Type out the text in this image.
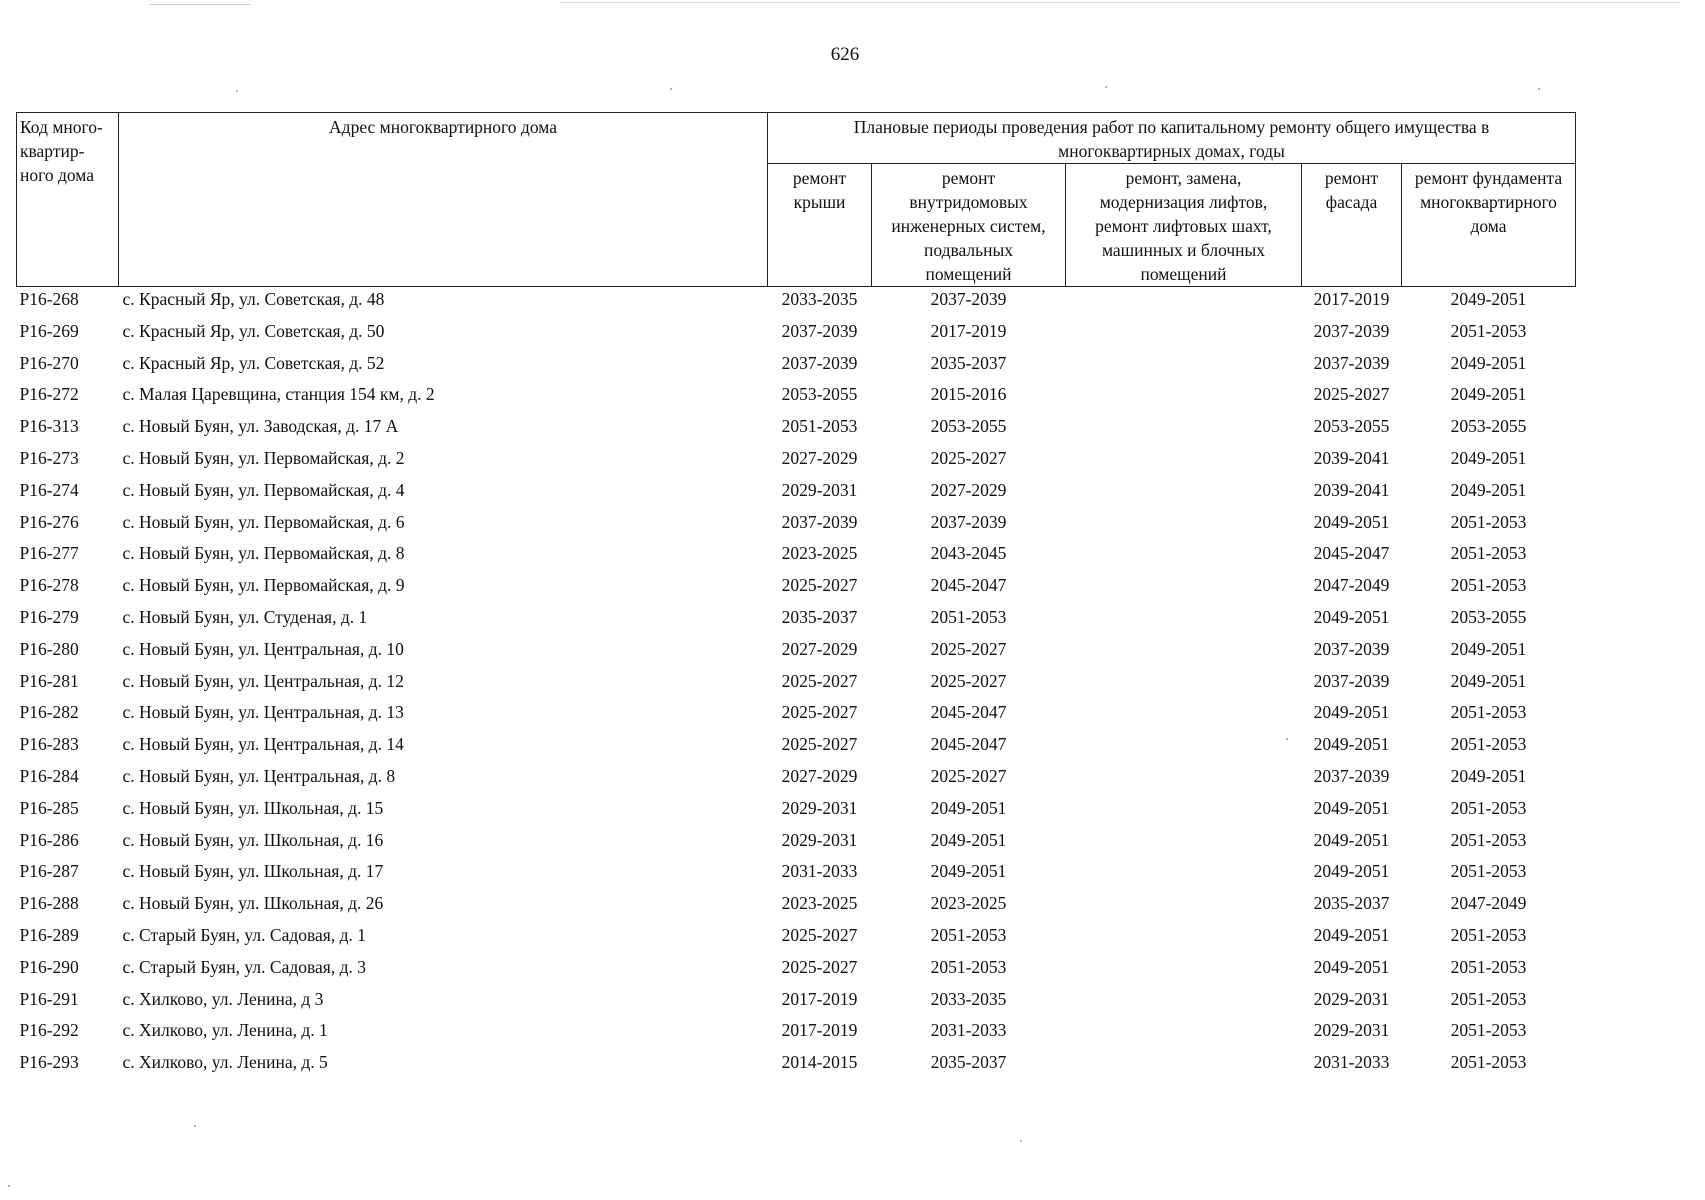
626
Код много-
квартир-
ного дома	Адрес многоквартирного дома	Плановые периоды проведения работ по капитальному ремонту общего имущества в многоквартирных домах, годы				
		ремонт
крыши	ремонт
внутридомовых
инженерных систем,
подвальных
помещений	ремонт, замена,
модернизация лифтов,
ремонт лифтовых шахт,
машинных и блочных
помещений	ремонт
фасада	ремонт фундамента
многоквартирного
дома
P16-268	с. Красный Яр, ул. Советская, д. 48	2033-2035	2037-2039		2017-2019	2049-2051
P16-269	с. Красный Яр, ул. Советская, д. 50	2037-2039	2017-2019		2037-2039	2051-2053
P16-270	с. Красный Яр, ул. Советская, д. 52	2037-2039	2035-2037		2037-2039	2049-2051
P16-272	с. Малая Царевщина, станция 154 км, д. 2	2053-2055	2015-2016		2025-2027	2049-2051
P16-313	с. Новый Буян, ул. Заводская, д. 17 А	2051-2053	2053-2055		2053-2055	2053-2055
P16-273	с. Новый Буян, ул. Первомайская, д. 2	2027-2029	2025-2027		2039-2041	2049-2051
P16-274	с. Новый Буян, ул. Первомайская, д. 4	2029-2031	2027-2029		2039-2041	2049-2051
P16-276	с. Новый Буян, ул. Первомайская, д. 6	2037-2039	2037-2039		2049-2051	2051-2053
P16-277	с. Новый Буян, ул. Первомайская, д. 8	2023-2025	2043-2045		2045-2047	2051-2053
P16-278	с. Новый Буян, ул. Первомайская, д. 9	2025-2027	2045-2047		2047-2049	2051-2053
P16-279	с. Новый Буян, ул. Студеная, д. 1	2035-2037	2051-2053		2049-2051	2053-2055
P16-280	с. Новый Буян, ул. Центральная, д. 10	2027-2029	2025-2027		2037-2039	2049-2051
P16-281	с. Новый Буян, ул. Центральная, д. 12	2025-2027	2025-2027		2037-2039	2049-2051
P16-282	с. Новый Буян, ул. Центральная, д. 13	2025-2027	2045-2047		2049-2051	2051-2053
P16-283	с. Новый Буян, ул. Центральная, д. 14	2025-2027	2045-2047		2049-2051	2051-2053
P16-284	с. Новый Буян, ул. Центральная, д. 8	2027-2029	2025-2027		2037-2039	2049-2051
P16-285	с. Новый Буян, ул. Школьная, д. 15	2029-2031	2049-2051		2049-2051	2051-2053
P16-286	с. Новый Буян, ул. Школьная, д. 16	2029-2031	2049-2051		2049-2051	2051-2053
P16-287	с. Новый Буян, ул. Школьная, д. 17	2031-2033	2049-2051		2049-2051	2051-2053
P16-288	с. Новый Буян, ул. Школьная, д. 26	2023-2025	2023-2025		2035-2037	2047-2049
P16-289	с. Старый Буян, ул. Садовая, д. 1	2025-2027	2051-2053		2049-2051	2051-2053
P16-290	с. Старый Буян, ул. Садовая, д. 3	2025-2027	2051-2053		2049-2051	2051-2053
P16-291	с. Хилково, ул. Ленина, д 3	2017-2019	2033-2035		2029-2031	2051-2053
P16-292	с. Хилково, ул. Ленина, д. 1	2017-2019	2031-2033		2029-2031	2051-2053
P16-293	с. Хилково, ул. Ленина, д. 5	2014-2015	2035-2037		2031-2033	2051-2053
